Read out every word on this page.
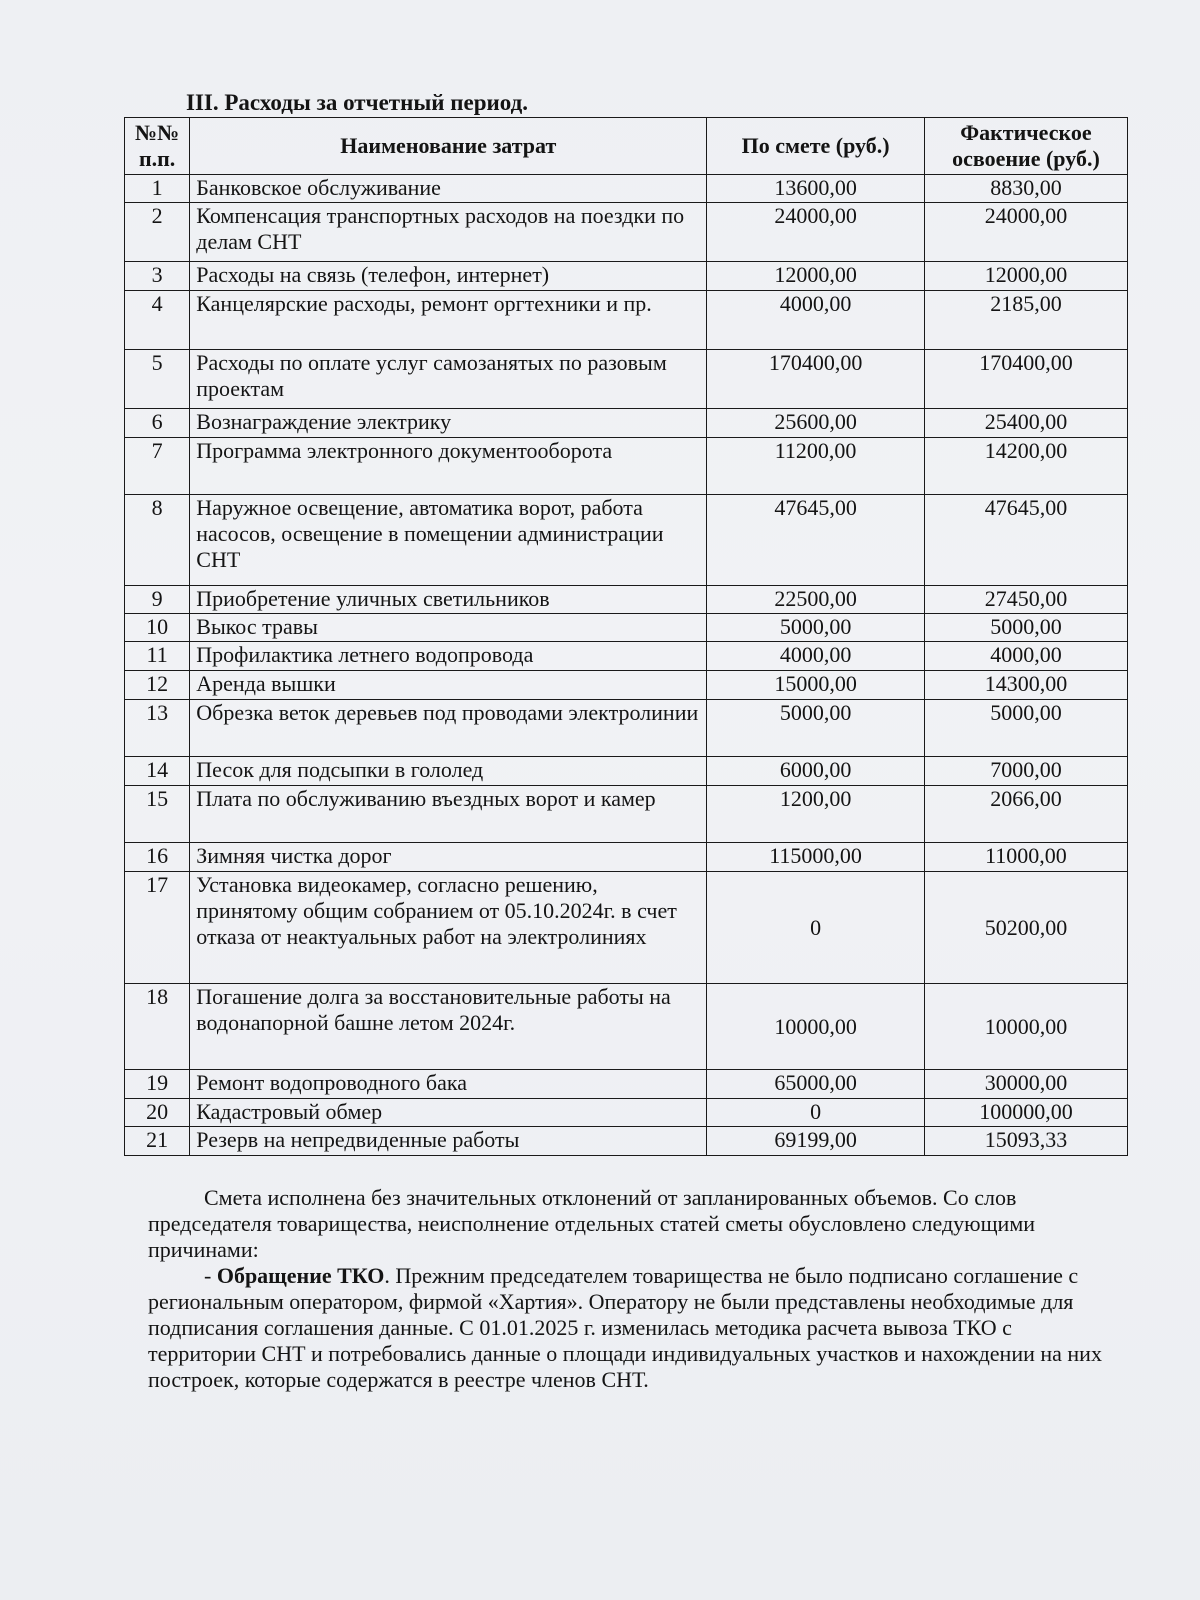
III. Расходы за отчетный период.
№№ п.п.	Наименование затрат	По смете (руб.)	Фактическое освоение (руб.)
1	Банковское обслуживание	13600,00	8830,00
2	Компенсация транспортных расходов на поездки по делам СНТ	24000,00	24000,00
3	Расходы на связь (телефон, интернет)	12000,00	12000,00
4	Канцелярские расходы, ремонт оргтехники и пр.	4000,00	2185,00
5	Расходы по оплате услуг самозанятых по разовым проектам	170400,00	170400,00
6	Вознаграждение электрику	25600,00	25400,00
7	Программа электронного документооборота	11200,00	14200,00
8	Наружное освещение, автоматика ворот, работа насосов, освещение в помещении администрации СНТ	47645,00	47645,00
9	Приобретение уличных светильников	22500,00	27450,00
10	Выкос травы	5000,00	5000,00
11	Профилактика летнего водопровода	4000,00	4000,00
12	Аренда вышки	15000,00	14300,00
13	Обрезка веток деревьев под проводами электролинии	5000,00	5000,00
14	Песок для подсыпки в гололед	6000,00	7000,00
15	Плата по обслуживанию въездных ворот и камер	1200,00	2066,00
16	Зимняя чистка дорог	115000,00	11000,00
17	Установка видеокамер, согласно решению, принятому общим собранием от 05.10.2024г. в счет отказа от неактуальных работ на электролиниях	0	50200,00
18	Погашение долга за восстановительные работы на водонапорной башне летом 2024г.	10000,00	10000,00
19	Ремонт водопроводного бака	65000,00	30000,00
20	Кадастровый обмер	0	100000,00
21	Резерв на непредвиденные работы	69199,00	15093,33

Смета исполнена без значительных отклонений от запланированных объемов. Со слов председателя товарищества, неисполнение отдельных статей сметы обусловлено следующими причинами:

- Обращение ТКО. Прежним председателем товарищества не было подписано соглашение с региональным оператором, фирмой «Хартия». Оператору не были представлены необходимые для подписания соглашения данные. С 01.01.2025 г. изменилась методика расчета вывоза ТКО с территории СНТ и потребовались данные о площади индивидуальных участков и нахождении на них построек, которые содержатся в реестре членов СНТ.
